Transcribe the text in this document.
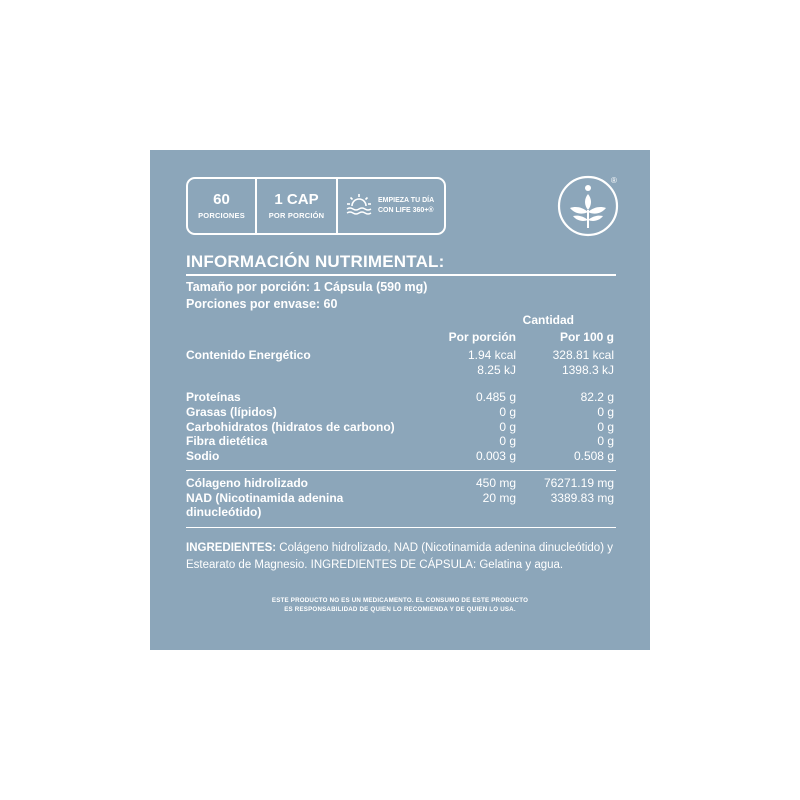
60
PORCIONES
1 CAP
POR PORCIÓN
EMPIEZA TU DÍA
CON LIFE 360+®
®
INFORMACIÓN NUTRIMENTAL:
Tamaño por porción: 1 Cápsula (590 mg)
Porciones por envase: 60
Cantidad
Por porción	Por 100 g
Contenido Energético	1.94 kcal	328.81 kcal
8.25 kJ	1398.3 kJ
Proteínas	0.485 g	82.2 g
Grasas (lípidos)	0 g	0 g
Carbohidratos (hidratos de carbono)	0 g	0 g
Fibra dietética	0 g	0 g
Sodio	0.003 g	0.508 g
Cólageno hidrolizado	450 mg 76271.19 mg
NAD (Nicotinamida adenina	20 mg	3389.83 mg
dinucleótido)
INGREDIENTES: Colágeno hidrolizado, NAD (Nicotinamida adenina dinucleótido) y Estearato de Magnesio. INGREDIENTES DE CÁPSULA: Gelatina y agua.
ESTE PRODUCTO NO ES UN MEDICAMENTO. EL CONSUMO DE ESTE PRODUCTO
ES RESPONSABILIDAD DE QUIEN LO RECOMIENDA Y DE QUIEN LO USA.
